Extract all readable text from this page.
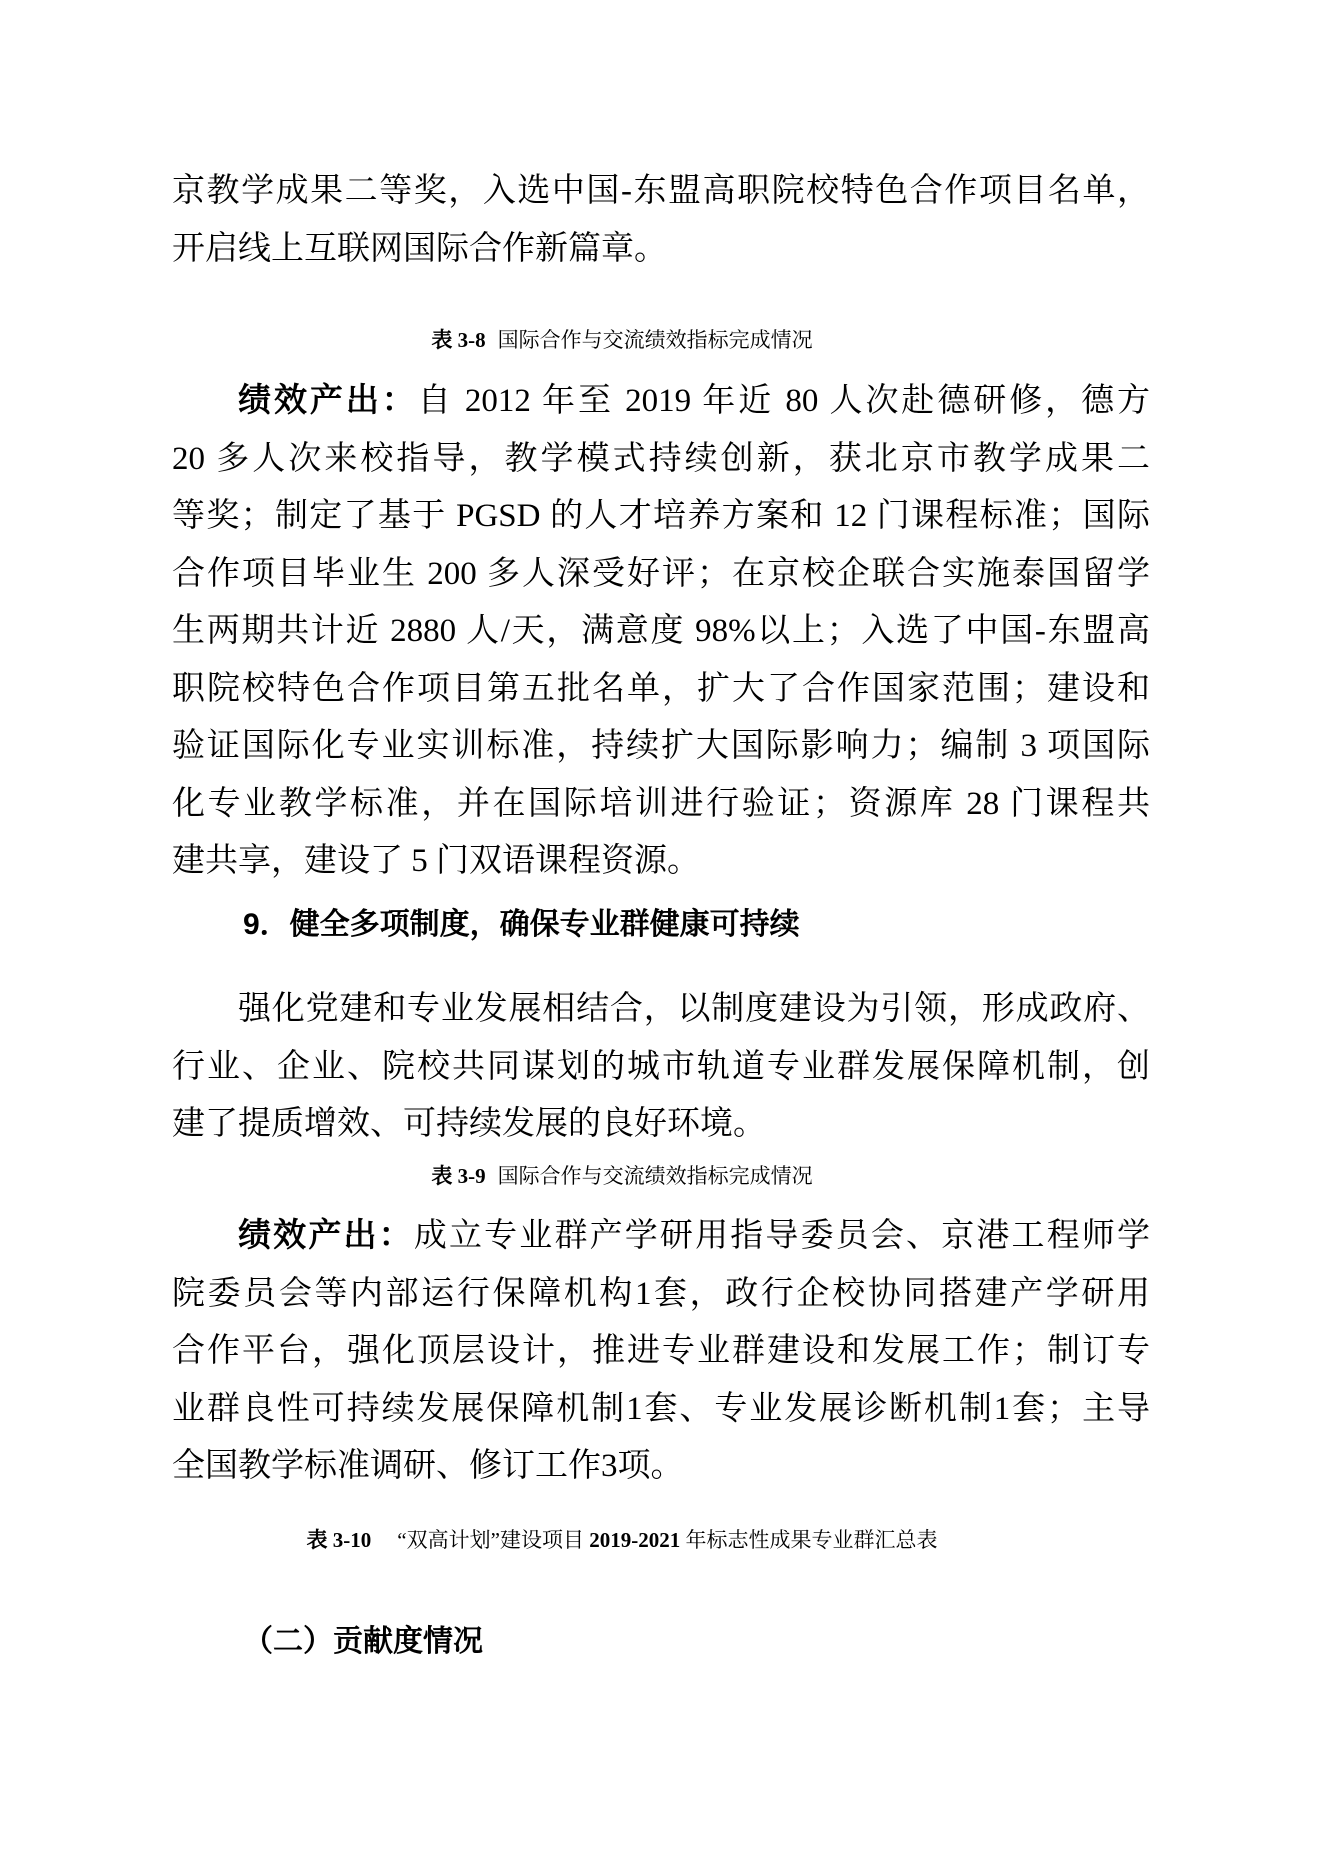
京教学成果二等奖，入选中国-东盟高职院校特色合作项目名单，
开启线上互联网国际合作新篇章。
表 3-8 国际合作与交流绩效指标完成情况
绩效产出：自 2012 年至 2019 年近 80 人次赴德研修，德方
20 多人次来校指导，教学模式持续创新，获北京市教学成果二
等奖；制定了基于 PGSD 的人才培养方案和 12 门课程标准；国际
合作项目毕业生 200 多人深受好评；在京校企联合实施泰国留学
生两期共计近 2880 人/天，满意度 98%以上；入选了中国-东盟高
职院校特色合作项目第五批名单，扩大了合作国家范围；建设和
验证国际化专业实训标准，持续扩大国际影响力；编制 3 项国际
化专业教学标准，并在国际培训进行验证；资源库 28 门课程共
建共享，建设了 5 门双语课程资源。
9．健全多项制度，确保专业群健康可持续
强化党建和专业发展相结合，以制度建设为引领，形成政府、
行业、企业、院校共同谋划的城市轨道专业群发展保障机制，创
建了提质增效、可持续发展的良好环境。
表 3-9 国际合作与交流绩效指标完成情况
绩效产出：成立专业群产学研用指导委员会、京港工程师学
院委员会等内部运行保障机构1套，政行企校协同搭建产学研用
合作平台，强化顶层设计，推进专业群建设和发展工作；制订专
业群良性可持续发展保障机制1套、专业发展诊断机制1套；主导
全国教学标准调研、修订工作3项。
表 3-10 “双高计划”建设项目 2019-2021 年标志性成果专业群汇总表
（二）贡献度情况
